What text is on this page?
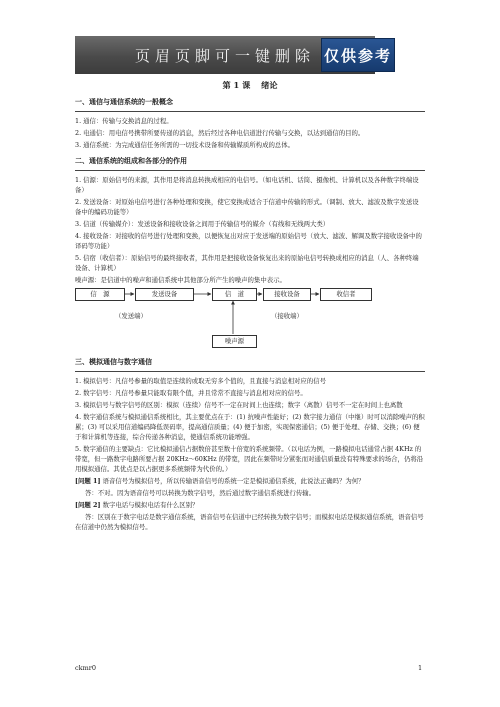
页眉页脚可一键删除 仅供参考
第 1 课 绪论
一、通信与通信系统的一般概念

1. 通信：传输与交换消息的过程。

2. 电通信：用电信号携带所要传递的消息，然后经过各种电信道进行传输与交换，以达到通信的目的。

3. 通信系统：为完成通信任务所需的一切技术设备和传输媒质所构成的总体。

二、通信系统的组成和各部分的作用

1. 信源：原始信号的来源，其作用是将消息转换成相应的电信号。（如电话机、话筒、摄像机、计算机以及各种数字终端设备）

2. 发送设备：对原始电信号进行各种处理和变换，使它变换成适合于信道中传输的形式。（调制、放大、滤波及数字发送设备中的编码功能等）

3. 信道（传输媒介）：发送设备和接收设备之间用于传输信号的媒介（有线和无线两大类）

4. 接收设备：对接收的信号进行处理和变换，以便恢复出对应于发送端的原始信号（放大、滤波、解调及数字接收设备中的译码等功能）

5. 信宿（收信者）：原始信号的最终接收者，其作用是把接收设备恢复出来的原始电信号转换成相应的消息（人、各种终端设备、计算机）

噪声源：是信道中的噪声和通信系统中其他部分所产生的噪声的集中表示。

信　源	发送设备	信　道	接收设备	收信者
噪声源
（发送端）	（接收端）
三、模拟通信与数字通信

1. 模拟信号：凡信号参量的取值是连续的或取无穷多个值的，且直接与消息相对应的信号

2. 数字信号：凡信号参量只能取有限个值，并且常常不直接与消息相对应的信号。

3. 模拟信号与数字信号的区别：模拟（连续）信号不一定在时间上也连续；数字（离散）信号不一定在时间上也离散

4. 数字通信系统与模拟通信系统相比，其主要优点在于：(1) 抗噪声性能好；(2) 数字接力通信（中继）时可以消除噪声的积累；(3) 可以采用信道编码降低误码率，提高通信质量；(4) 便于加密，实现保密通信；(5) 便于处理、存储、交换；(6) 便于和计算机等连接，综合传递各种消息，使通信系统功能增强。

5. 数字通信的主要缺点：它比模拟通信占据数倍甚至数十倍宽的系统频带。（以电话为例，一路模拟电话通常占据 4KHz 的带宽，但一路数字电路所要占据 20KHz～60KHz 的带宽，因此在频带时分紧张而对通信质量没有特殊要求的场合，仍将沿用模拟通信。其优点是以占据更多系统频带为代价的。）

[问题 1] 语音信号为模拟信号，所以传输语音信号的系统一定是模拟通信系统，此说法正确吗？为何？

答：不对。因为语音信号可以转换为数字信号，然后通过数字通信系统进行传输。

[问题 2] 数字电话与模拟电话有什么区别？

答：区别在于数字电话是数字通信系统，语音信号在信道中已经转换为数字信号；而模拟电话是模拟通信系统，语音信号在信道中仍然为模拟信号。

ckmr0	1
